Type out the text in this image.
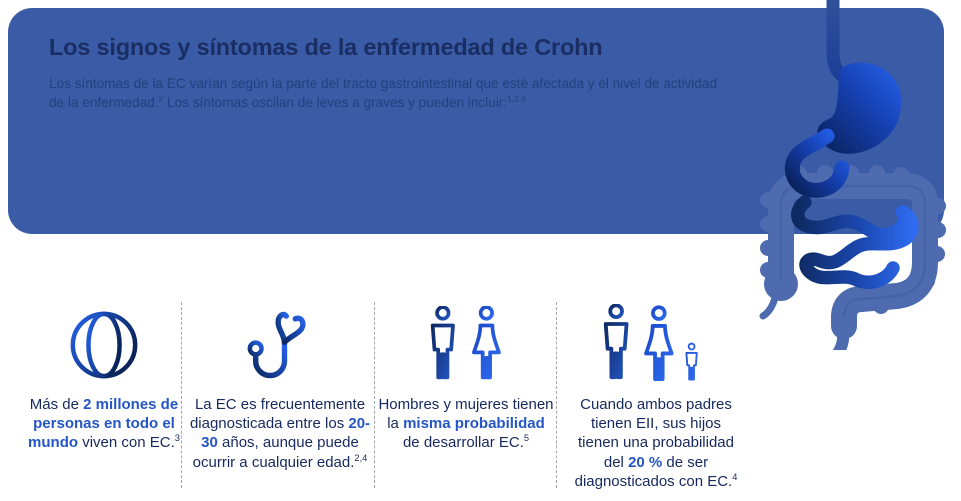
Los signos y síntomas de la enfermedad de Crohn

Los síntomas de la EC varían según la parte del tracto gastrointestinal que esté afectada y el nivel de actividad de la enfermedad.$^2$ Los síntomas oscilan de leves a graves y pueden incluir:$^{1,2,6}$

Más de 2 millones de personas en todo el mundo viven con EC.$^3$

La EC es frecuentemente diagnosticada entre los 20-30 años, aunque puede ocurrir a cualquier edad.$^{2,4}$

Hombres y mujeres tienen la misma probabilidad de desarrollar EC.$^5$

Cuando ambos padres tienen EII, sus hijos tienen una probabilidad del 20 % de ser diagnosticados con EC.$^4$
